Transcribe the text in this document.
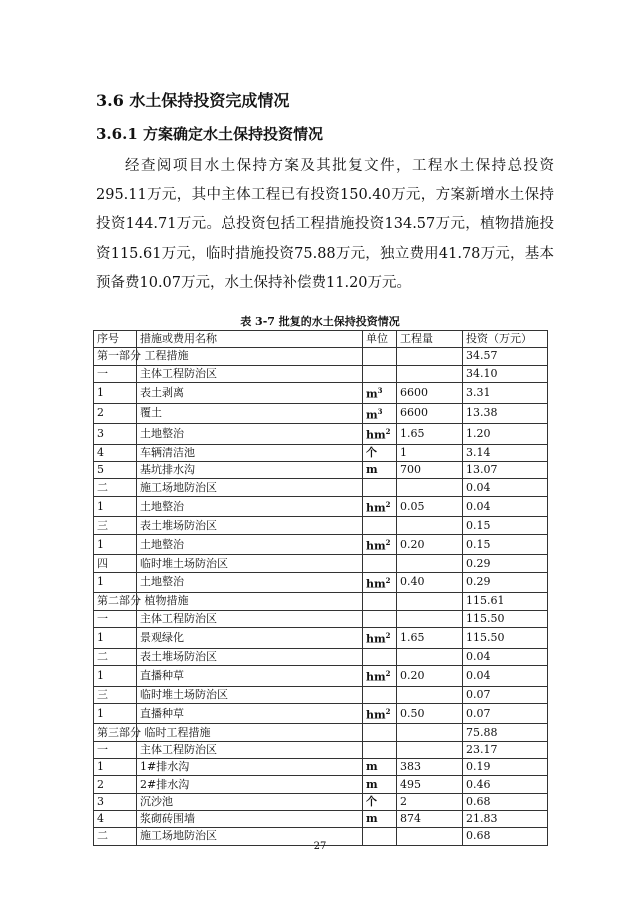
3.6 水土保持投资完成情况
3.6.1 方案确定水土保持投资情况

经查阅项目水土保持方案及其批复文件，工程水土保持总投资295.11万元，其中主体工程已有投资150.40万元，方案新增水土保持投资144.71万元。总投资包括工程措施投资134.57万元，植物措施投资115.61万元，临时措施投资75.88万元，独立费用41.78万元，基本预备费10.07万元，水土保持补偿费11.20万元。

表 3-7 批复的水土保持投资情况
序号	措施或费用名称	单位	工程量	投资（万元）
第一部分 工程措施				34.57
一	主体工程防治区			34.10
1	表土剥离	$m^3$	6600	3.31
2	覆土	$m^3$	6600	13.38
3	土地整治	$hm^2$	1.65	1.20
4	车辆清洁池	个	1	3.14
5	基坑排水沟	m	700	13.07
二	施工场地防治区			0.04
1	土地整治	$hm^2$	0.05	0.04
三	表土堆场防治区			0.15
1	土地整治	$hm^2$	0.20	0.15
四	临时堆土场防治区			0.29
1	土地整治	$hm^2$	0.40	0.29
第二部分 植物措施				115.61
一	主体工程防治区			115.50
1	景观绿化	$hm^2$	1.65	115.50
二	表土堆场防治区			0.04
1	直播种草	$hm^2$	0.20	0.04
三	临时堆土场防治区			0.07
1	直播种草	$hm^2$	0.50	0.07
第三部分 临时工程措施				75.88
一	主体工程防治区			23.17
1	1#排水沟	m	383	0.19
2	2#排水沟	m	495	0.46
3	沉沙池	个	2	0.68
4	浆砌砖围墙	m	874	21.83
二	施工场地防治区			0.68
27
